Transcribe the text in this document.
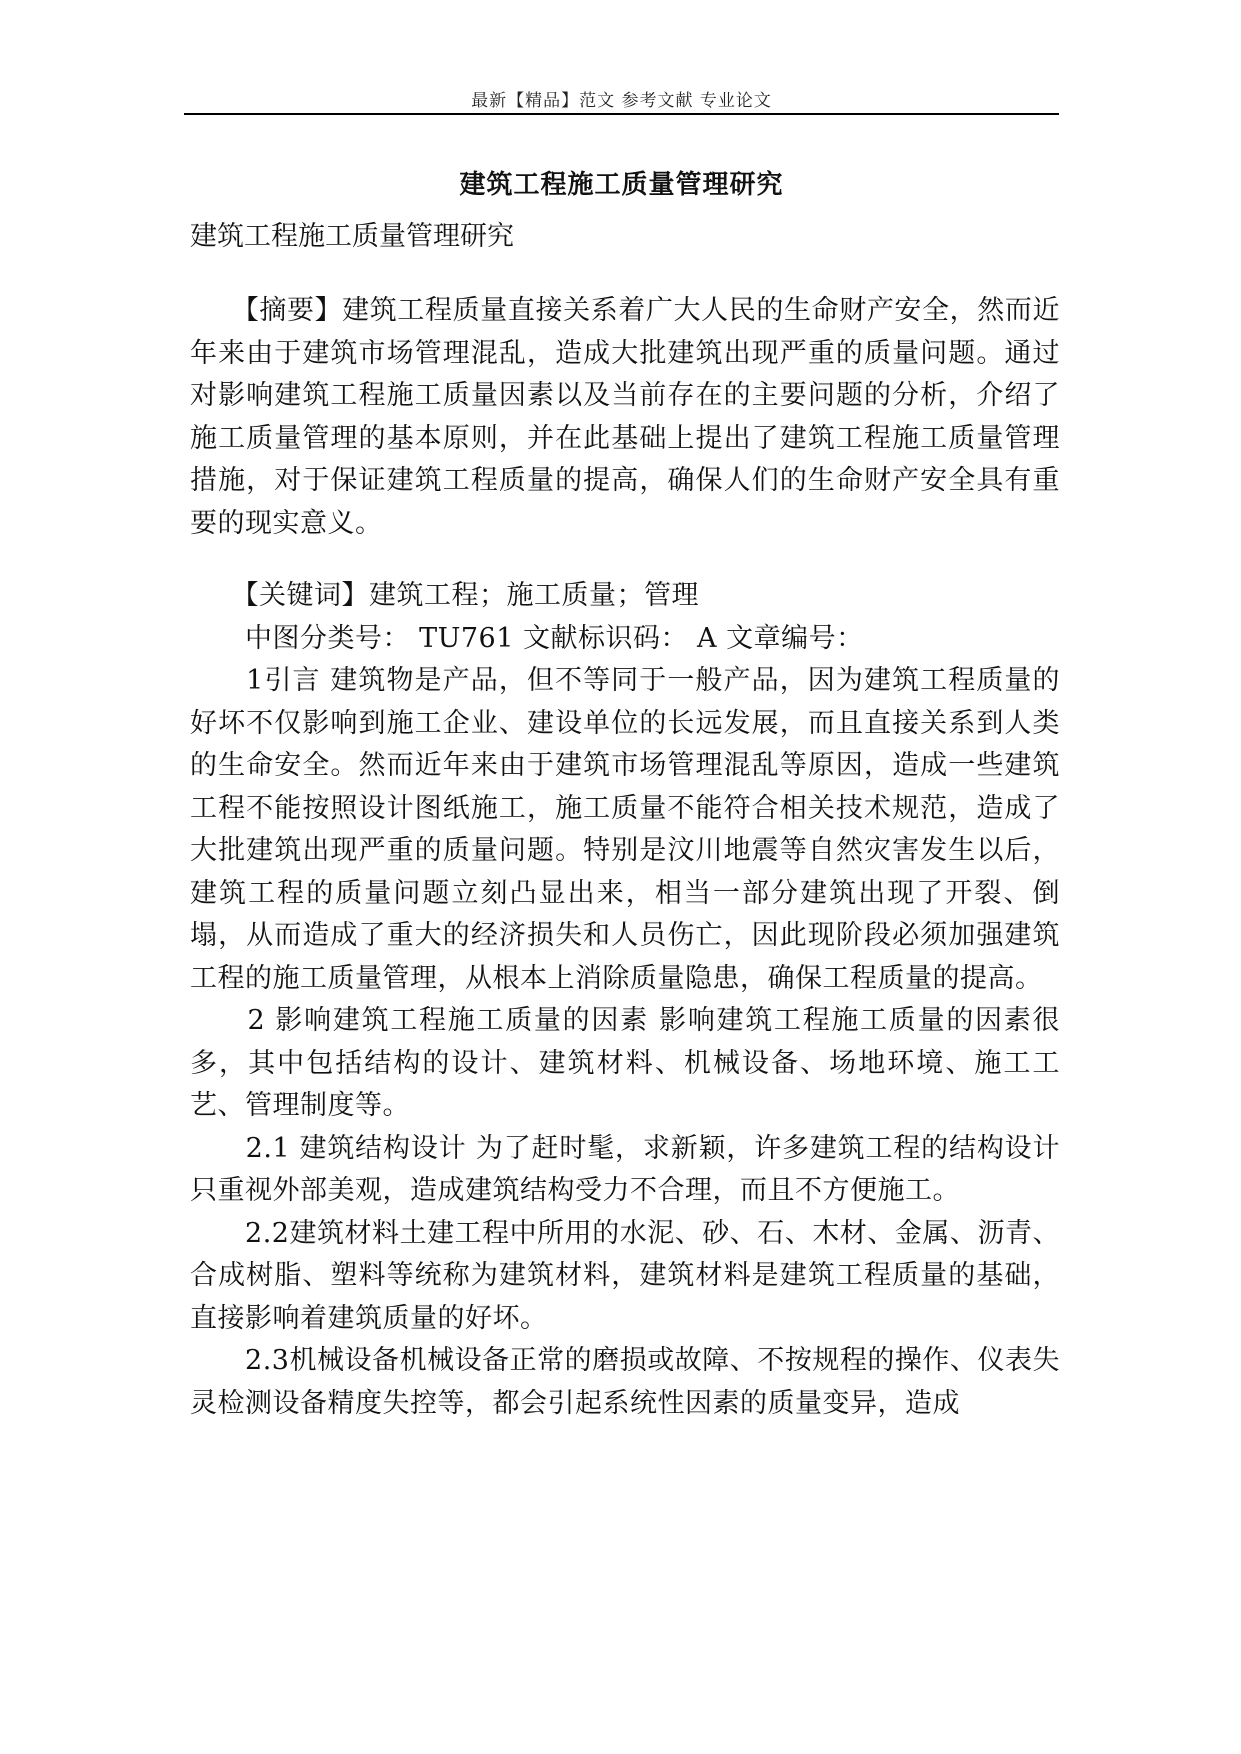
最新【精品】范文 参考文献 专业论文
建筑工程施工质量管理研究

建筑工程施工质量管理研究

　　【摘要】建筑工程质量直接关系着广大人民的生命财产安全，然而近年来由于建筑市场管理混乱，造成大批建筑出现严重的质量问题。通过对影响建筑工程施工质量因素以及当前存在的主要问题的分析，介绍了施工质量管理的基本原则，并在此基础上提出了建筑工程施工质量管理措施，对于保证建筑工程质量的提高，确保人们的生命财产安全具有重要的现实意义。

　　【关键词】建筑工程；施工质量；管理

　　中图分类号： TU761 文献标识码： A 文章编号：

　　1引言 建筑物是产品，但不等同于一般产品，因为建筑工程质量的好坏不仅影响到施工企业、建设单位的长远发展，而且直接关系到人类的生命安全。然而近年来由于建筑市场管理混乱等原因，造成一些建筑工程不能按照设计图纸施工，施工质量不能符合相关技术规范，造成了大批建筑出现严重的质量问题。特别是汶川地震等自然灾害发生以后，建筑工程的质量问题立刻凸显出来，相当一部分建筑出现了开裂、倒塌，从而造成了重大的经济损失和人员伤亡，因此现阶段必须加强建筑工程的施工质量管理，从根本上消除质量隐患，确保工程质量的提高。

　　2 影响建筑工程施工质量的因素 影响建筑工程施工质量的因素很多，其中包括结构的设计、建筑材料、机械设备、场地环境、施工工艺、管理制度等。

　　2.1 建筑结构设计 为了赶时髦，求新颖，许多建筑工程的结构设计只重视外部美观，造成建筑结构受力不合理，而且不方便施工。

　　2.2建筑材料土建工程中所用的水泥、砂、石、木材、金属、沥青、合成树脂、塑料等统称为建筑材料，建筑材料是建筑工程质量的基础，直接影响着建筑质量的好坏。

　　2.3机械设备机械设备正常的磨损或故障、不按规程的操作、仪表失灵检测设备精度失控等，都会引起系统性因素的质量变异，造成
